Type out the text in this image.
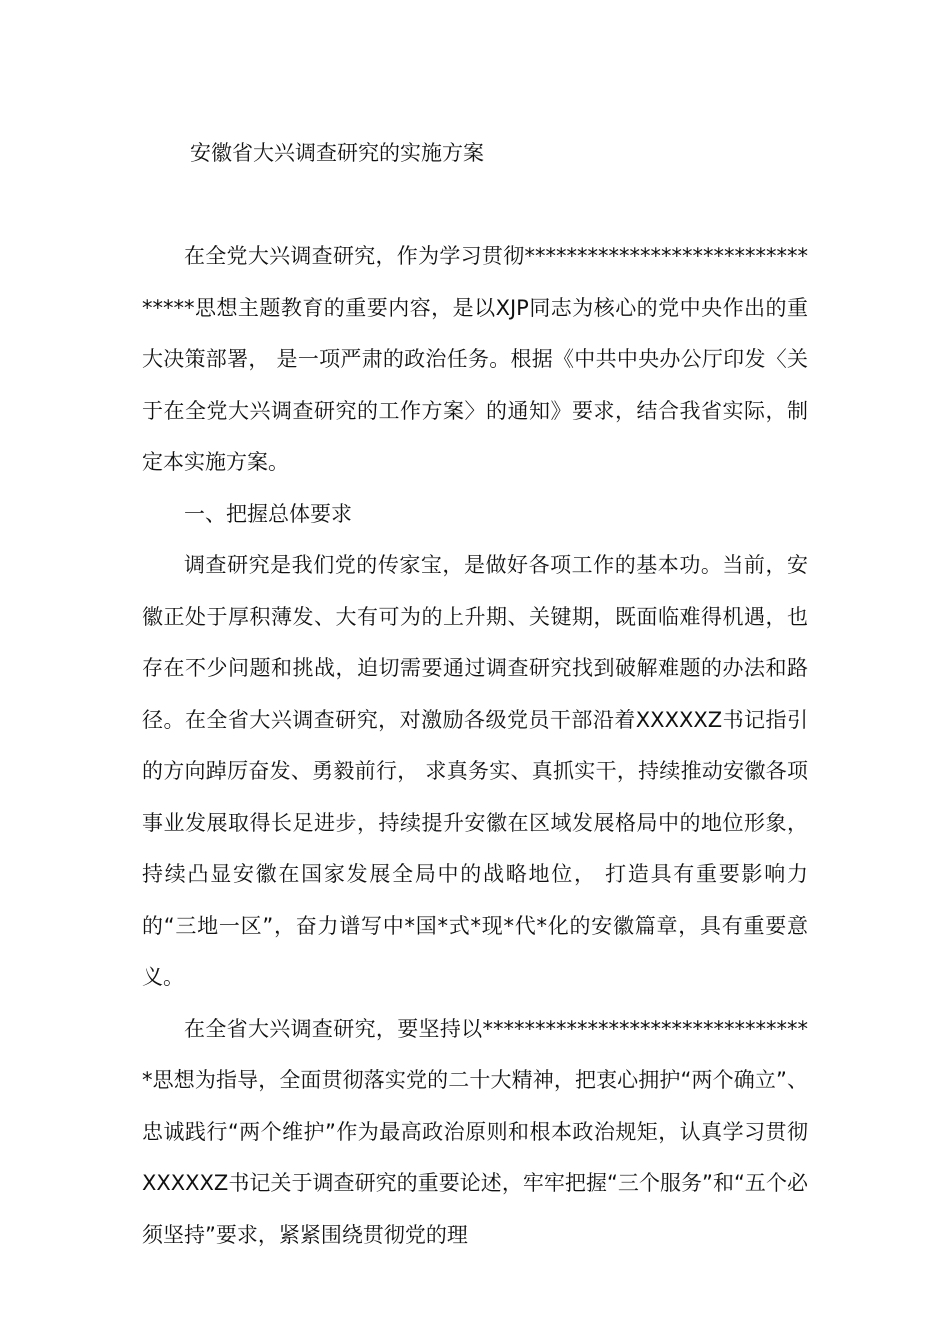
安徽省大兴调查研究的实施方案

在全党大兴调查研究，作为学习贯彻********************************思想主题教育的重要内容，是以XJP同志为核心的党中央作出的重大决策部署， 是一项严肃的政治任务。根据《中共中央办公厅印发〈关于在全党大兴调查研究的工作方案〉的通知》要求，结合我省实际，制定本实施方案。

一、把握总体要求

调查研究是我们党的传家宝，是做好各项工作的基本功。当前，安徽正处于厚积薄发、大有可为的上升期、关键期，既面临难得机遇，也存在不少问题和挑战，迫切需要通过调查研究找到破解难题的办法和路径。在全省大兴调查研究，对激励各级党员干部沿着XXXXXZ书记指引的方向踔厉奋发、勇毅前行， 求真务实、真抓实干，持续推动安徽各项事业发展取得长足进步，持续提升安徽在区域发展格局中的地位形象，持续凸显安徽在国家发展全局中的战略地位， 打造具有重要影响力的“三地一区”，奋力谱写中*国*式*现*代*化的安徽篇章，具有重要意义。

在全省大兴调查研究，要坚持以********************************思想为指导，全面贯彻落实党的二十大精神，把衷心拥护“两个确立”、忠诚践行“两个维护”作为最高政治原则和根本政治规矩，认真学习贯彻XXXXXZ书记关于调查研究的重要论述，牢牢把握“三个服务”和“五个必须坚持”要求，紧紧围绕贯彻党的理
